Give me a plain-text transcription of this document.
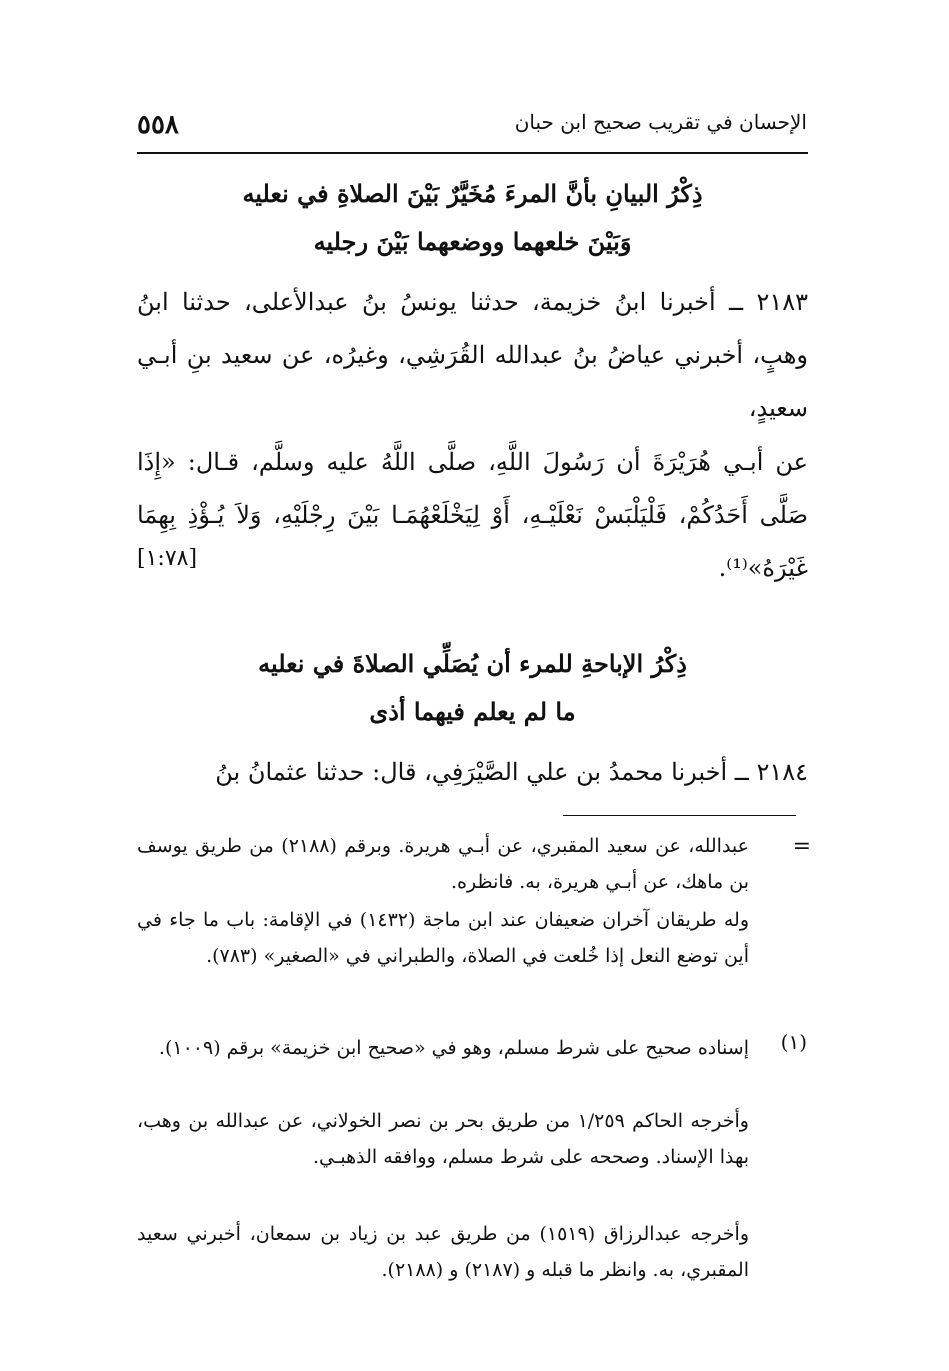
الإحسان في تقريب صحيح ابن حبان
٥٥٨
ذِكْرُ البيانِ بأنَّ المرءَ مُخَيَّرٌ بَيْنَ الصلاةِ في نعليه
وَبَيْنَ خلعهما ووضعهما بَيْنَ رجليه
٢١٨٣ ــ أخبرنا ابنُ خزيمة، حدثنا يونسُ بنُ عبدالأعلى، حدثنا ابنُ وهبٍ، أخبرني عياضُ بنُ عبدالله القُرَشِي، وغيرُه، عن سعيد بنِ أبـي سعيدٍ،
عن أبـي هُرَيْرَةَ أن رَسُولَ اللَّهِ، صلَّى اللَّهُ عليه وسلَّم، قـال: «إِذَا صَلَّى أَحَدُكُمْ، فَلْيَلْبَسْ نَعْلَيْـهِ، أَوْ لِيَخْلَعْهُمَـا بَيْنَ رِجْلَيْهِ، وَلاَ يُـؤْذِ بِهِمَا غَيْرَهُ»⁽¹⁾.
[١:٧٨]
ذِكْرُ الإباحةِ للمرء أن يُصَلِّي الصلاةَ في نعليه
ما لم يعلم فيهما أذى
٢١٨٤ ــ أخبرنا محمدُ بن علي الصَّيْرَفِي، قال: حدثنا عثمانُ بنُ
=
عبدالله، عن سعيد المقبري، عن أبـي هريرة. وبرقم (٢١٨٨) من طريق يوسف بن ماهك، عن أبـي هريرة، به. فانظره.
وله طريقان آخران ضعيفان عند ابن ماجة (١٤٣٢) في الإقامة: باب ما جاء في أين توضع النعل إذا خُلعت في الصلاة، والطبراني في «الصغير» (٧٨٣).
(١)
إسناده صحيح على شرط مسلم، وهو في «صحيح ابن خزيمة» برقم (١٠٠٩).
وأخرجه الحاكم ١/٢٥٩ من طريق بحر بن نصر الخولاني، عن عبدالله بن وهب، بهذا الإسناد. وصححه على شرط مسلم، ووافقه الذهبـي.
وأخرجه عبدالرزاق (١٥١٩) من طريق عبد بن زياد بن سمعان، أخبرني سعيد المقبري، به. وانظر ما قبله و (٢١٨٧) و (٢١٨٨).
